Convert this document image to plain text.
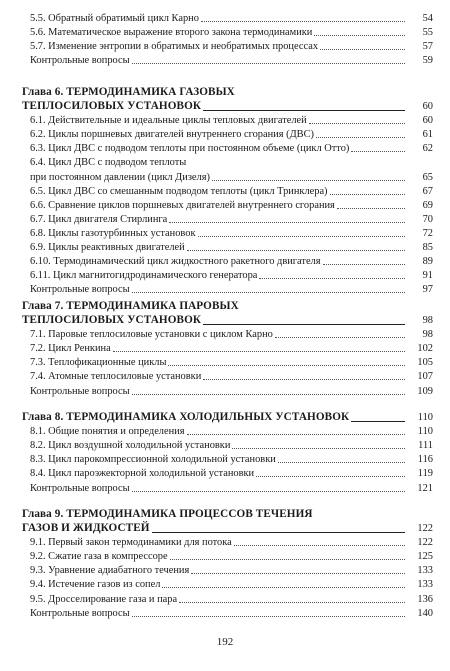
5.5. Обратный обратимый цикл Карно	54
5.6. Математическое выражение второго закона термодинамики	55
5.7. Изменение энтропии в обратимых и необратимых процессах	57
Контрольные вопросы	59
Глава 6. ТЕРМОДИНАМИКА ГАЗОВЫХ
ТЕПЛОСИЛОВЫХ УСТАНОВОК	60
6.1. Действительные и идеальные циклы тепловых двигателей	60
6.2. Циклы поршневых двигателей внутреннего сгорания (ДВС)	61
6.3. Цикл ДВС с подводом теплоты при постоянном объеме (цикл Отто)	62
6.4. Цикл ДВС с подводом теплоты
при постоянном давлении (цикл Дизеля)	65
6.5. Цикл ДВС со смешанным подводом теплоты (цикл Тринклера)	67
6.6. Сравнение циклов поршневых двигателей внутреннего сгорания	69
6.7. Цикл двигателя Стирлинга	70
6.8. Циклы газотурбинных установок	72
6.9. Циклы реактивных двигателей	85
6.10. Термодинамический цикл жидкостного ракетного двигателя	89
6.11. Цикл магнитогидродинамического генератора	91
Контрольные вопросы	97
Глава 7. ТЕРМОДИНАМИКА ПАРОВЫХ
ТЕПЛОСИЛОВЫХ УСТАНОВОК	98
7.1. Паровые теплосиловые установки с циклом Карно	98
7.2. Цикл Ренкина	102
7.3. Теплофикационные циклы	105
7.4. Атомные теплосиловые установки	107
Контрольные вопросы	109
Глава 8. ТЕРМОДИНАМИКА ХОЛОДИЛЬНЫХ УСТАНОВОК	110
8.1. Общие понятия и определения	110
8.2. Цикл воздушной холодильной установки	111
8.3. Цикл парокомпрессионной холодильной установки	116
8.4. Цикл пароэжекторной холодильной установки	119
Контрольные вопросы	121
Глава 9. ТЕРМОДИНАМИКА ПРОЦЕССОВ ТЕЧЕНИЯ
ГАЗОВ И ЖИДКОСТЕЙ	122
9.1. Первый закон термодинамики для потока	122
9.2. Сжатие газа в компрессоре	125
9.3. Уравнение адиабатного течения	133
9.4. Истечение газов из сопел	133
9.5. Дросселирование газа и пара	136
Контрольные вопросы	140
192
